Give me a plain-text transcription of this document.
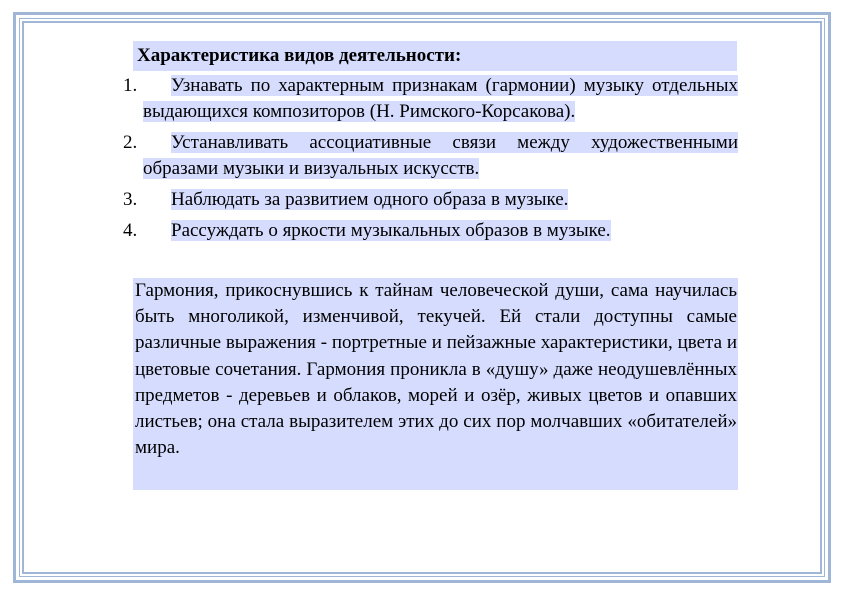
Характеристика видов деятельности:
1.	Узнавать по характерным признакам (гармонии) музыку отдельных выдающихся композиторов (Н. Римского-Корсакова).
2.	Устанавливать ассоциативные связи между художественными образами музыки и визуальных искусств.
3.	Наблюдать за развитием одного образа в музыке.
4.	Рассуждать о яркости музыкальных образов в музыке.
Гармония, прикоснувшись к тайнам человеческой души, сама научилась быть многоликой, изменчивой, текучей. Ей стали доступны самые различные выражения - портретные и пейзажные характеристики, цвета и цветовые сочетания. Гармония проникла в «душу» даже неодушевлённых предметов - деревьев и облаков, морей и озёр, живых цветов и опавших листьев; она стала выразителем этих до сих пор молчавших «обитателей» мира.
